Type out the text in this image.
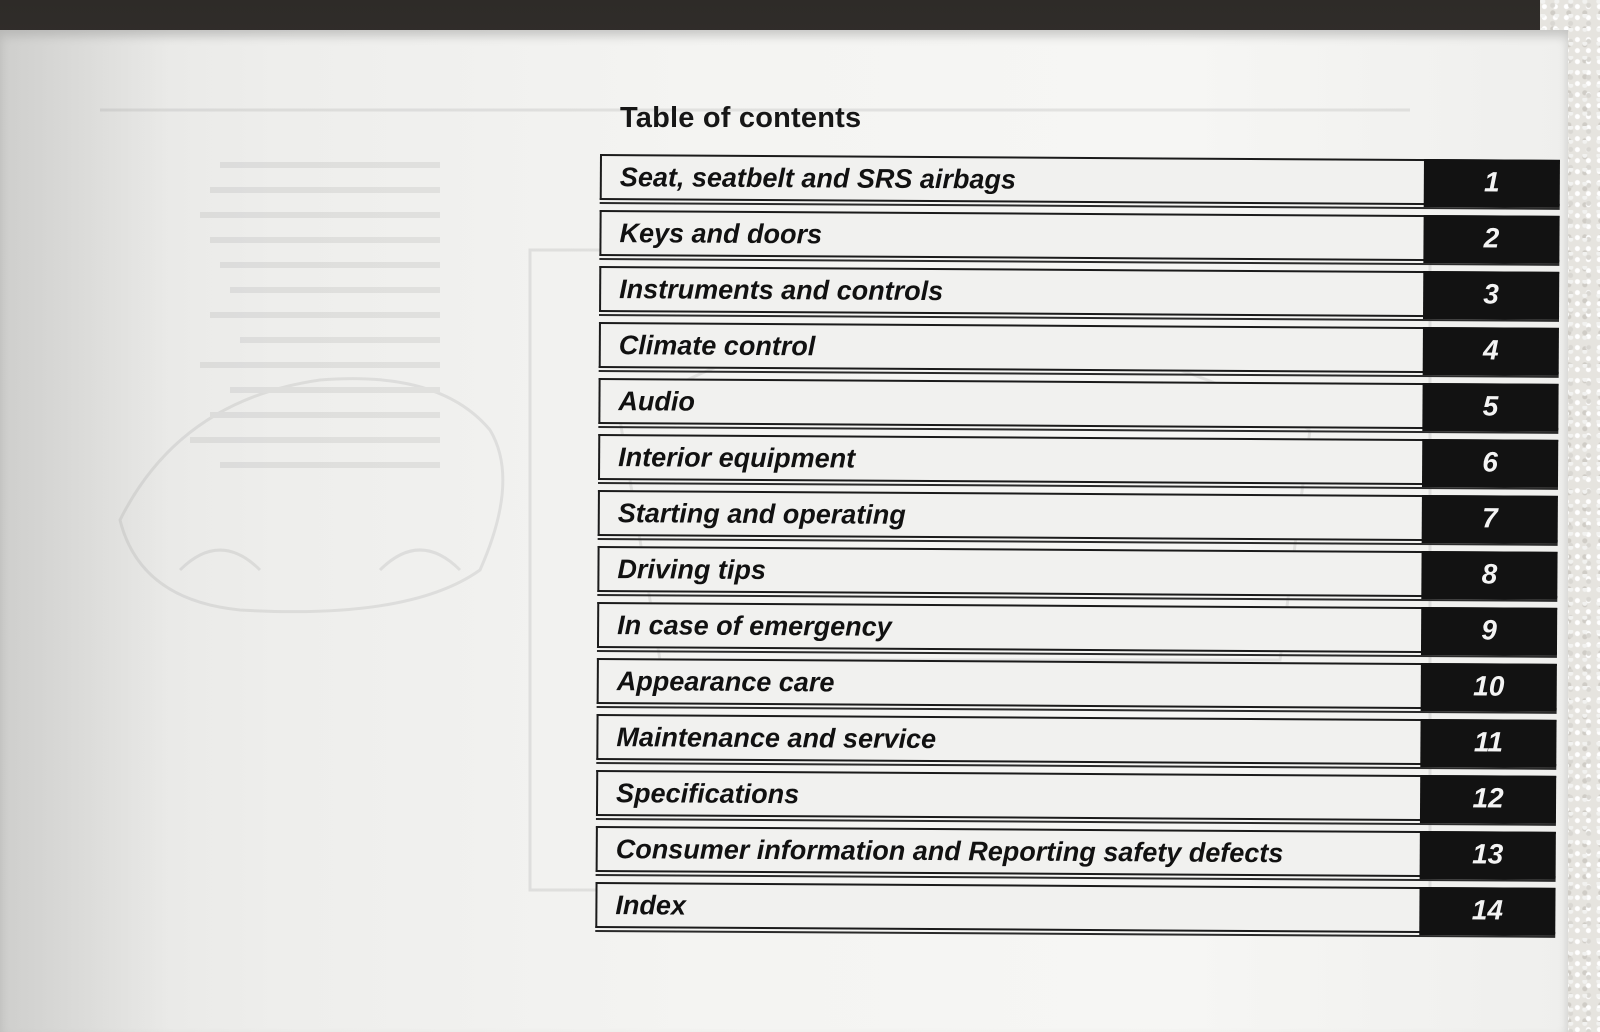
Table of contents
Seat, seatbelt and SRS airbags	1
Keys and doors	2
Instruments and controls	3
Climate control	4
Audio	5
Interior equipment	6
Starting and operating	7
Driving tips	8
In case of emergency	9
Appearance care	10
Maintenance and service	11
Specifications	12
Consumer information and Reporting safety defects	13
Index	14
